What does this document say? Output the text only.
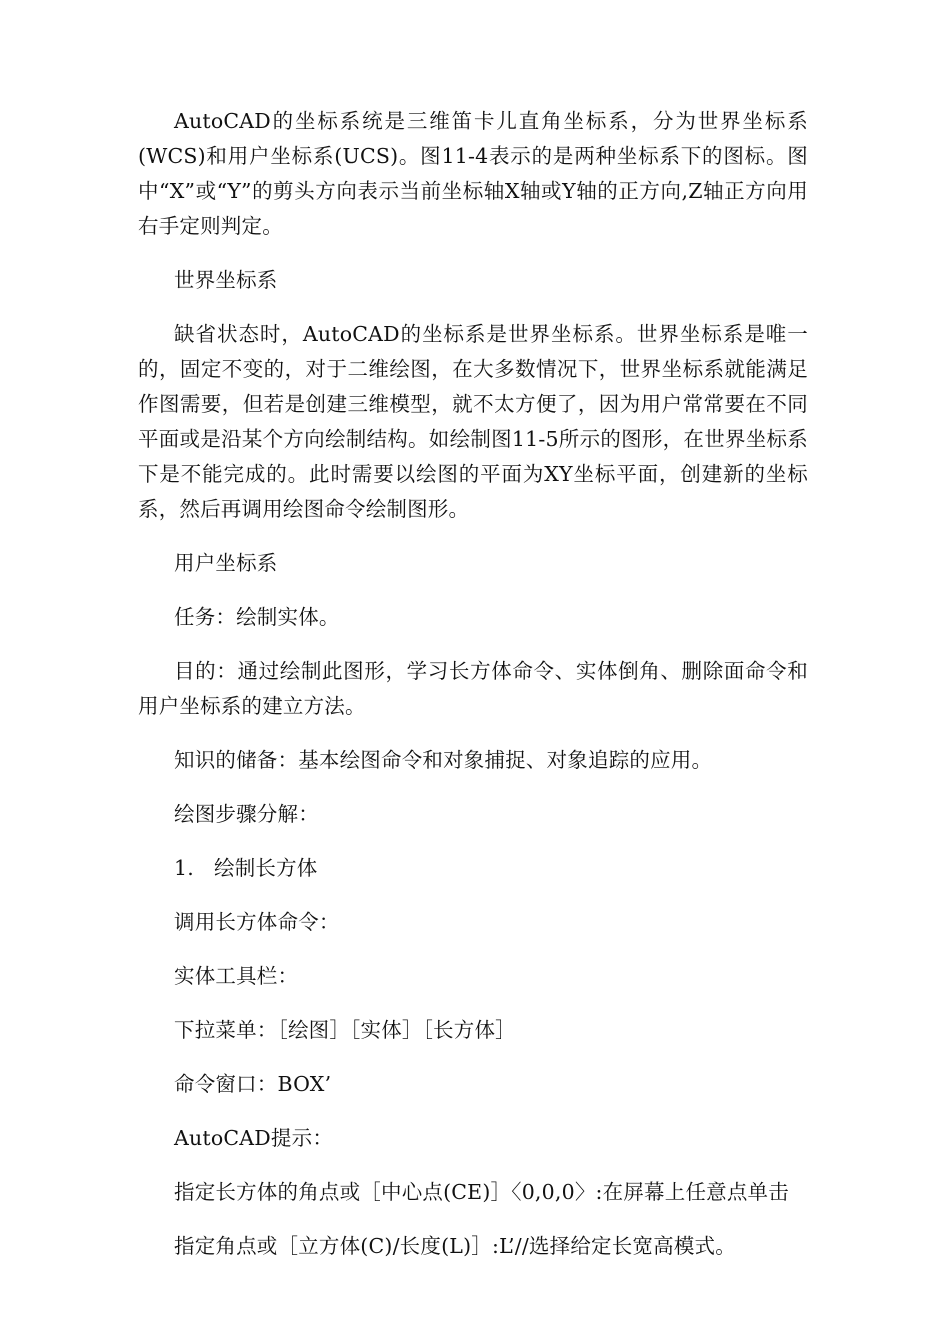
AutoCAD的坐标系统是三维笛卡儿直角坐标系，分为世界坐标系(WCS)和用户坐标系(UCS)。图11-4表示的是两种坐标系下的图标。图中“X”或“Y”的剪头方向表示当前坐标轴X轴或Y轴的正方向,Z轴正方向用右手定则判定。

世界坐标系

缺省状态时，AutoCAD的坐标系是世界坐标系。世界坐标系是唯一的，固定不变的，对于二维绘图，在大多数情况下，世界坐标系就能满足作图需要，但若是创建三维模型，就不太方便了，因为用户常常要在不同平面或是沿某个方向绘制结构。如绘制图11-5所示的图形，在世界坐标系下是不能完成的。此时需要以绘图的平面为XY坐标平面，创建新的坐标系，然后再调用绘图命令绘制图形。

用户坐标系

任务：绘制实体。

目的：通过绘制此图形，学习长方体命令、实体倒角、删除面命令和用户坐标系的建立方法。

知识的储备：基本绘图命令和对象捕捉、对象追踪的应用。

绘图步骤分解：

1. 绘制长方体

调用长方体命令：

实体工具栏：

下拉菜单：［绘图］［实体］［长方体］

命令窗口：BOX’

AutoCAD提示：

指定长方体的角点或［中心点(CE)］〈0,0,0〉:在屏幕上任意点单击

指定角点或［立方体(C)/长度(L)］:L’//选择给定长宽高模式。
